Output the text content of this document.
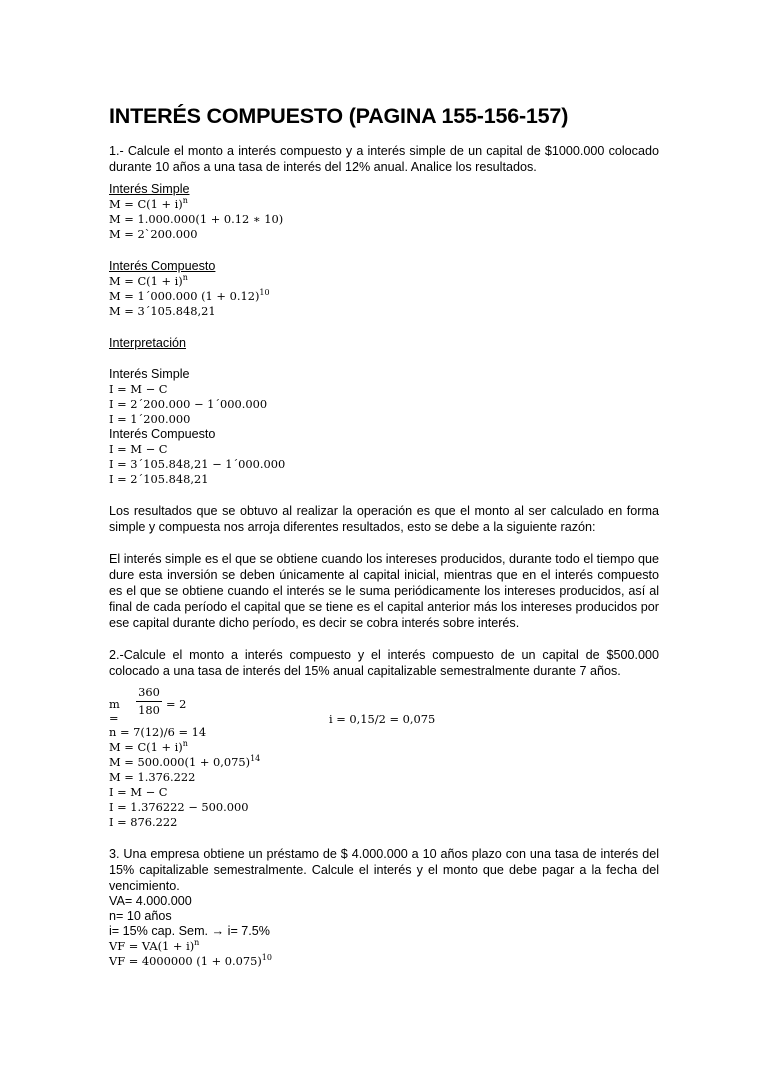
INTERÉS COMPUESTO (PAGINA 155-156-157)

1.- Calcule el monto a interés compuesto y a interés simple de un capital de $1000.000 colocado durante 10 años a una tasa de interés del 12% anual. Analice los resultados.

Interés Simple
$M = C(1 + i)^n$
M = 1.000.000(1 + 0.12 ∗ 10)
M = 2`200.000
Interés Compuesto
$M = C(1 + i)^n$
M = 1´000.000 $(1 + 0.12)^{10}$
M = 3´105.848,21
Interpretación
Interés Simple
I = M − C
I = 2´200.000 − 1´000.000
I = 1´200.000
Interés Compuesto
I = M − C
I = 3´105.848,21 − 1´000.000
I = 2´105.848,21

Los resultados que se obtuvo al realizar la operación es que el monto al ser calculado en forma simple y compuesta nos arroja diferentes resultados, esto se debe a la siguiente razón:

El interés simple es el que se obtiene cuando los intereses producidos, durante todo el tiempo que dure esta inversión se deben únicamente al capital inicial, mientras que en el interés compuesto es el que se obtiene cuando el interés se le suma periódicamente los intereses producidos, así al final de cada período el capital que se tiene es el capital anterior más los intereses producidos por ese capital durante dicho período, es decir se cobra interés sobre interés.

2.-Calcule el monto a interés compuesto y el interés compuesto de un capital de $500.000 colocado a una tasa de interés del 15% anual capitalizable semestralmente durante 7 años.

m =
360
180 = 2
i = 0,15/2 = 0,075
n = 7(12)/6 = 14
$M = C(1 + i)^n$
$M = 500.000(1 + 0,075)^{14}$
M = 1.376.222
I = M − C
I = 1.376222 − 500.000
I = 876.222

3. Una empresa obtiene un préstamo de $ 4.000.000 a 10 años plazo con una tasa de interés del 15% capitalizable semestralmente. Calcule el interés y el monto que debe pagar a la fecha del vencimiento.

VA= 4.000.000
n= 10 años
i= 15% cap. Sem. → i= 7.5%
VF = $VA(1 + i)^n$
VF = 4000000 $(1 + 0.075)^{10}$
